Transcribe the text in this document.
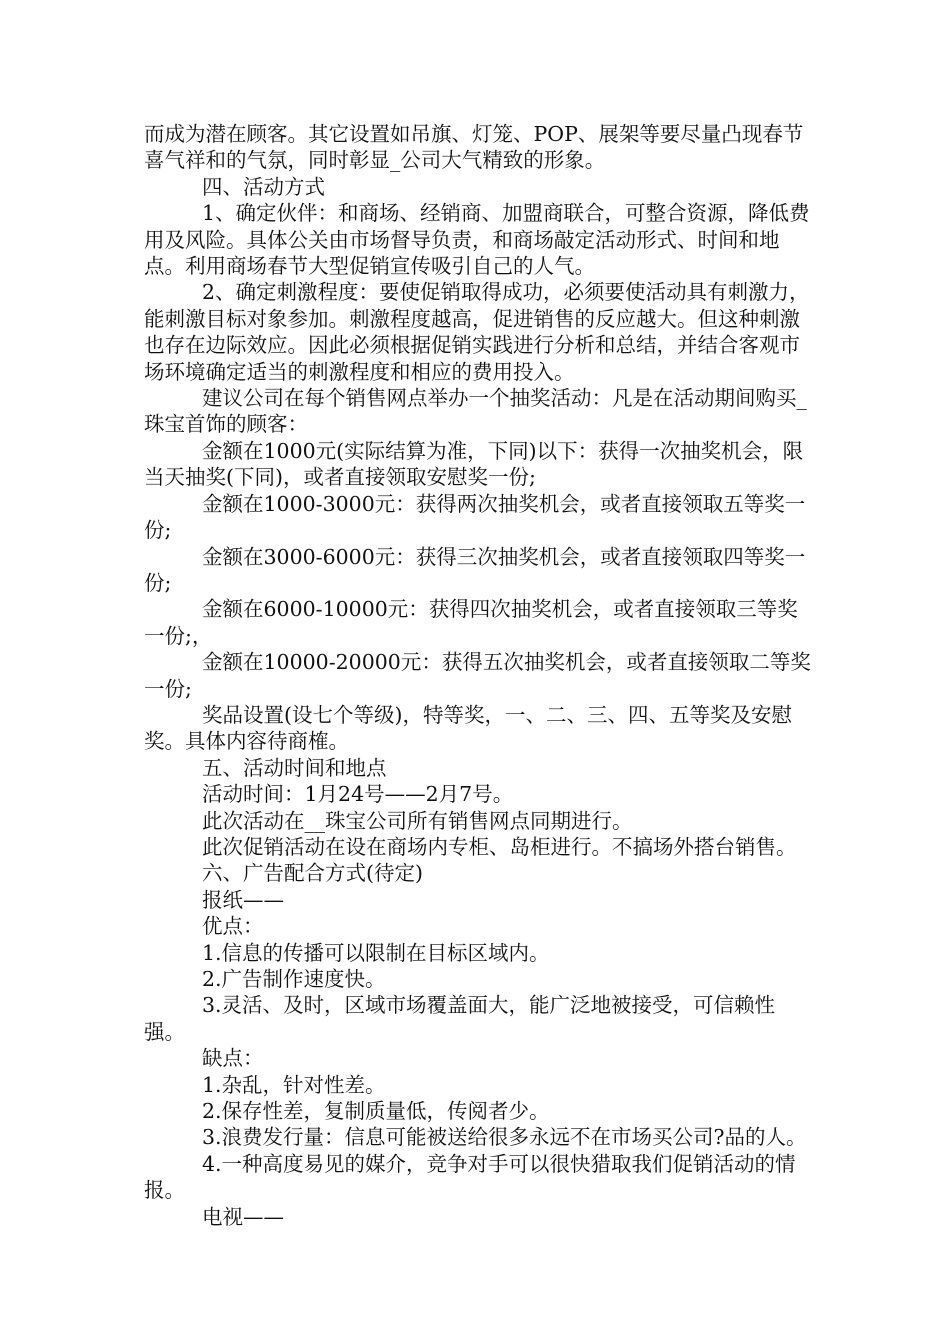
而成为潜在顾客。其它设置如吊旗、灯笼、POP、展架等要尽量凸现春节喜气祥和的气氛，同时彰显_公司大气精致的形象。

四、活动方式

1、确定伙伴：和商场、经销商、加盟商联合，可整合资源，降低费用及风险。具体公关由市场督导负责，和商场敲定活动形式、时间和地点。利用商场春节大型促销宣传吸引自己的人气。

2、确定刺激程度：要使促销取得成功，必须要使活动具有刺激力，能刺激目标对象参加。刺激程度越高，促进销售的反应越大。但这种刺激也存在边际效应。因此必须根据促销实践进行分析和总结，并结合客观市场环境确定适当的刺激程度和相应的费用投入。

建议公司在每个销售网点举办一个抽奖活动：凡是在活动期间购买_珠宝首饰的顾客：

金额在1000元(实际结算为准，下同)以下：获得一次抽奖机会，限当天抽奖(下同)，或者直接领取安慰奖一份;

金额在1000-3000元：获得两次抽奖机会，或者直接领取五等奖一份;

金额在3000-6000元：获得三次抽奖机会，或者直接领取四等奖一份;

金额在6000-10000元：获得四次抽奖机会，或者直接领取三等奖一份;，

金额在10000-20000元：获得五次抽奖机会，或者直接领取二等奖一份;

奖品设置(设七个等级)，特等奖，一、二、三、四、五等奖及安慰奖。具体内容待商榷。

五、活动时间和地点

活动时间：1月24号——2月7号。

此次活动在__珠宝公司所有销售网点同期进行。

此次促销活动在设在商场内专柜、岛柜进行。不搞场外搭台销售。

六、广告配合方式(待定)

报纸——

优点：

1.信息的传播可以限制在目标区域内。

2.广告制作速度快。

3.灵活、及时，区域市场覆盖面大，能广泛地被接受，可信赖性强。

缺点：

1.杂乱，针对性差。

2.保存性差，复制质量低，传阅者少。

3.浪费发行量：信息可能被送给很多永远不在市场买公司?品的人。

4.一种高度易见的媒介，竞争对手可以很快猎取我们促销活动的情报。

电视——
